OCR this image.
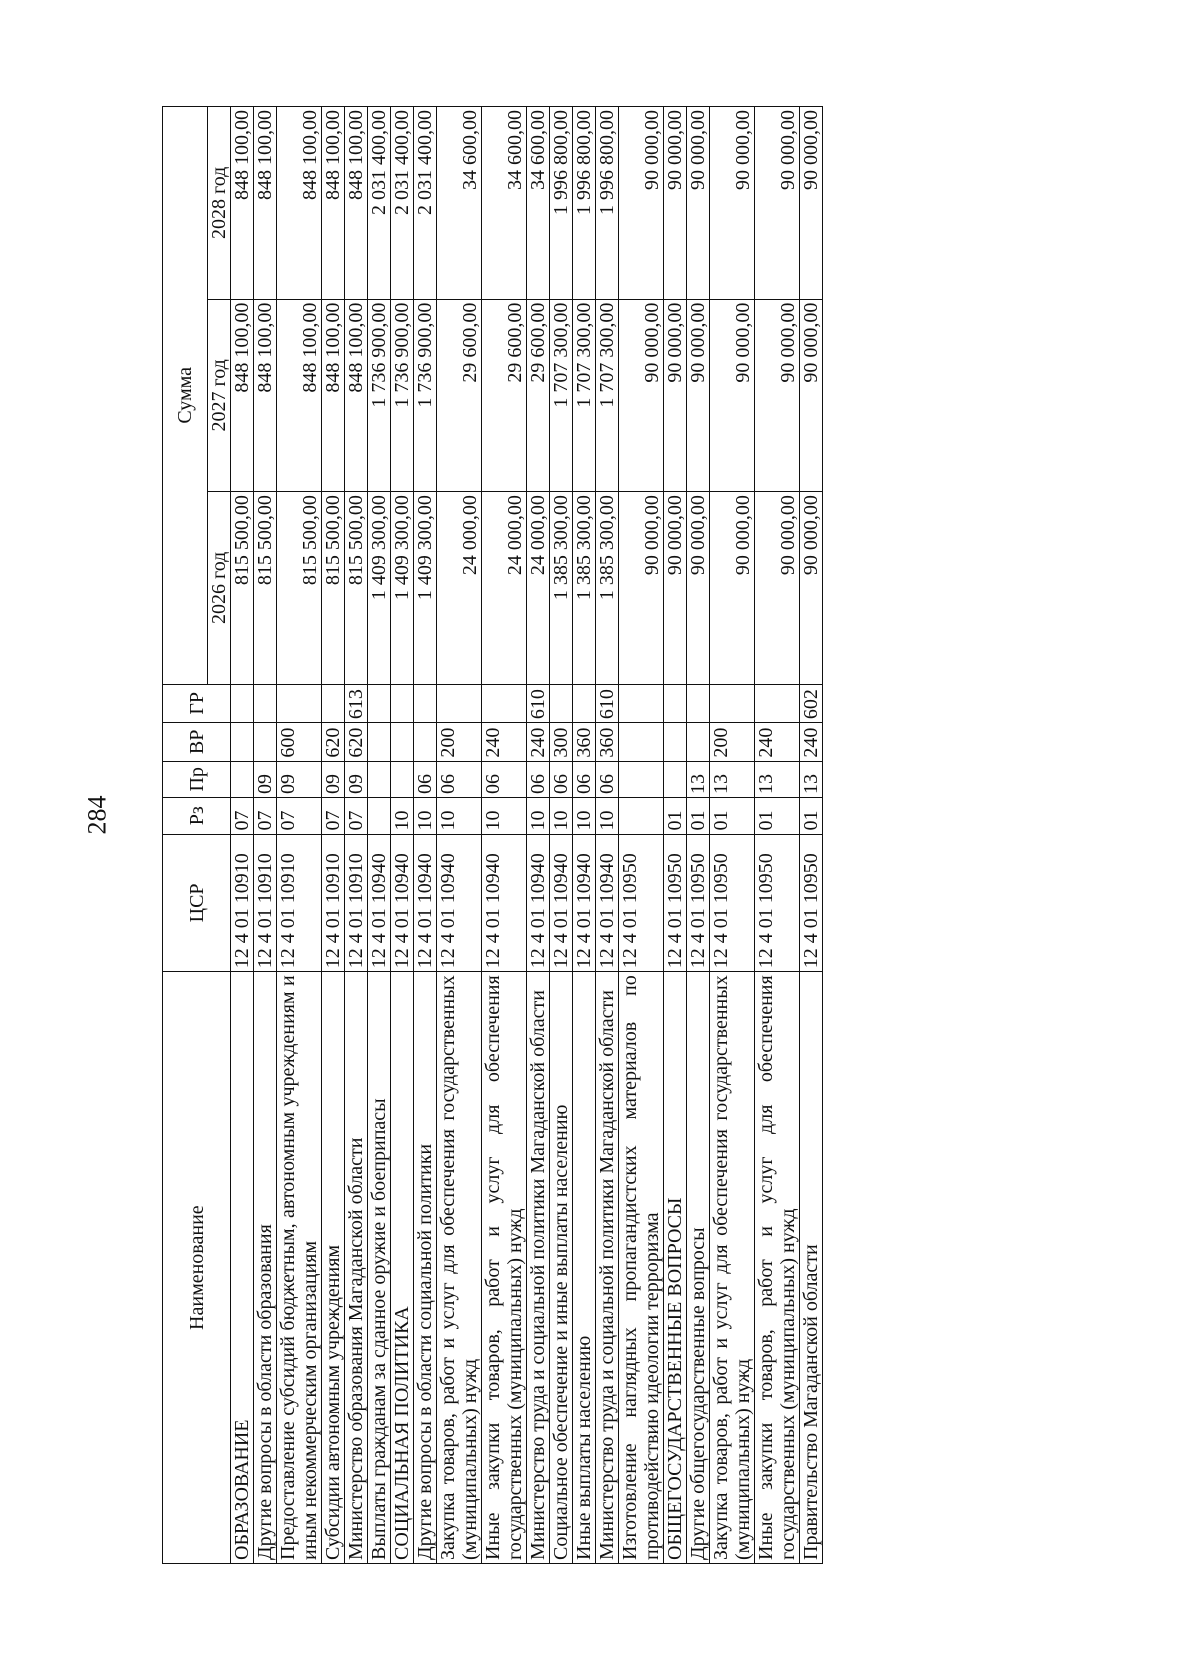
284
Наименование	ЦСР	Рз	Пр	ВР	ГР	Сумма		
						2026 год	2027 год	2028 год
ОБРАЗОВАНИЕ	12 4 01 10910	07				815 500,00	848 100,00	848 100,00
Другие вопросы в области образования	12 4 01 10910	07	09			815 500,00	848 100,00	848 100,00
Предоставление субсидий бюджетным, автономным учреждениям и иным некоммерческим организациям	12 4 01 10910	07	09	600		815 500,00	848 100,00	848 100,00
Субсидии автономным учреждениям	12 4 01 10910	07	09	620		815 500,00	848 100,00	848 100,00
Министерство образования Магаданской области	12 4 01 10910	07	09	620	613	815 500,00	848 100,00	848 100,00
Выплаты гражданам за сданное оружие и боеприпасы	12 4 01 10940					1 409 300,00	1 736 900,00	2 031 400,00
СОЦИАЛЬНАЯ ПОЛИТИКА	12 4 01 10940	10				1 409 300,00	1 736 900,00	2 031 400,00
Другие вопросы в области социальной политики	12 4 01 10940	10	06			1 409 300,00	1 736 900,00	2 031 400,00
Закупка товаров, работ и услуг для обеспечения государственных (муниципальных) нужд	12 4 01 10940	10	06	200		24 000,00	29 600,00	34 600,00
Иные закупки товаров, работ и услуг для обеспечения государственных (муниципальных) нужд	12 4 01 10940	10	06	240		24 000,00	29 600,00	34 600,00
Министерство труда и социальной политики Магаданской области	12 4 01 10940	10	06	240	610	24 000,00	29 600,00	34 600,00
Социальное обеспечение и иные выплаты населению	12 4 01 10940	10	06	300		1 385 300,00	1 707 300,00	1 996 800,00
Иные выплаты населению	12 4 01 10940	10	06	360		1 385 300,00	1 707 300,00	1 996 800,00
Министерство труда и социальной политики Магаданской области	12 4 01 10940	10	06	360	610	1 385 300,00	1 707 300,00	1 996 800,00
Изготовление наглядных пропагандистских материалов по противодействию идеологии терроризма	12 4 01 10950					90 000,00	90 000,00	90 000,00
ОБЩЕГОСУДАРСТВЕННЫЕ ВОПРОСЫ	12 4 01 10950	01				90 000,00	90 000,00	90 000,00
Другие общегосударственные вопросы	12 4 01 10950	01	13			90 000,00	90 000,00	90 000,00
Закупка товаров, работ и услуг для обеспечения государственных (муниципальных) нужд	12 4 01 10950	01	13	200		90 000,00	90 000,00	90 000,00
Иные закупки товаров, работ и услуг для обеспечения государственных (муниципальных) нужд	12 4 01 10950	01	13	240		90 000,00	90 000,00	90 000,00
Правительство Магаданской области	12 4 01 10950	01	13	240	602	90 000,00	90 000,00	90 000,00
